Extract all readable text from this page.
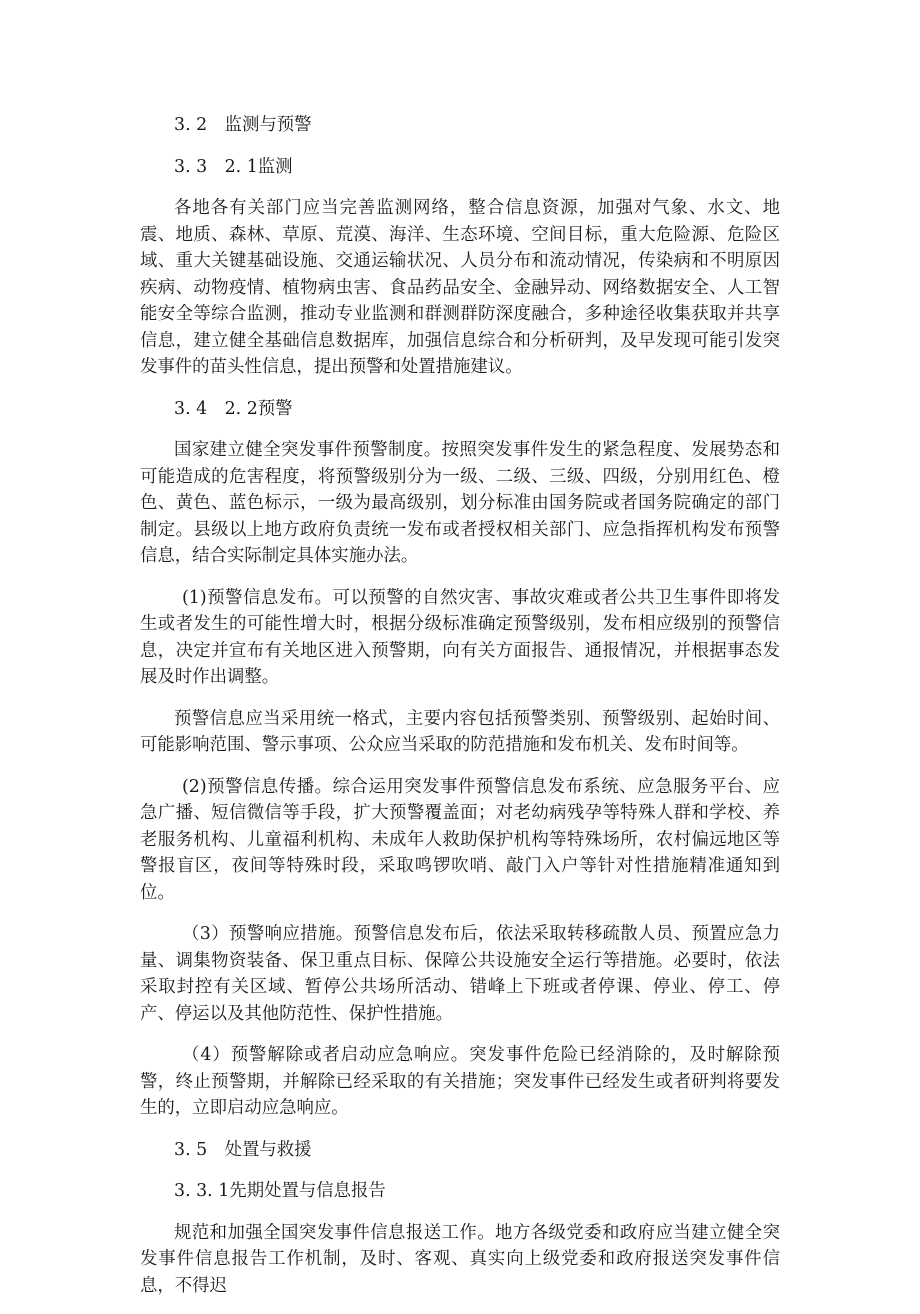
3. 2　监测与预警

3. 3　2. 1监测

各地各有关部门应当完善监测网络，整合信息资源，加强对气象、水文、地震、地质、森林、草原、荒漠、海洋、生态环境、空间目标，重大危险源、危险区域、重大关键基础设施、交通运输状况、人员分布和流动情况，传染病和不明原因疾病、动物疫情、植物病虫害、食品药品安全、金融异动、网络数据安全、人工智能安全等综合监测，推动专业监测和群测群防深度融合，多种途径收集获取并共享信息，建立健全基础信息数据库，加强信息综合和分析研判，及早发现可能引发突发事件的苗头性信息，提出预警和处置措施建议。

3. 4　2. 2预警

国家建立健全突发事件预警制度。按照突发事件发生的紧急程度、发展势态和可能造成的危害程度，将预警级别分为一级、二级、三级、四级，分别用红色、橙色、黄色、蓝色标示，一级为最高级别，划分标准由国务院或者国务院确定的部门制定。县级以上地方政府负责统一发布或者授权相关部门、应急指挥机构发布预警信息，结合实际制定具体实施办法。

(1)预警信息发布。可以预警的自然灾害、事故灾难或者公共卫生事件即将发生或者发生的可能性增大时，根据分级标准确定预警级别，发布相应级别的预警信息，决定并宣布有关地区进入预警期，向有关方面报告、通报情况，并根据事态发展及时作出调整。

预警信息应当采用统一格式，主要内容包括预警类别、预警级别、起始时间、可能影响范围、警示事项、公众应当采取的防范措施和发布机关、发布时间等。

(2)预警信息传播。综合运用突发事件预警信息发布系统、应急服务平台、应急广播、短信微信等手段，扩大预警覆盖面；对老幼病残孕等特殊人群和学校、养老服务机构、儿童福利机构、未成年人救助保护机构等特殊场所，农村偏远地区等警报盲区，夜间等特殊时段，采取鸣锣吹哨、敲门入户等针对性措施精准通知到位。

（3）预警响应措施。预警信息发布后，依法采取转移疏散人员、预置应急力量、调集物资装备、保卫重点目标、保障公共设施安全运行等措施。必要时，依法采取封控有关区域、暂停公共场所活动、错峰上下班或者停课、停业、停工、停产、停运以及其他防范性、保护性措施。

（4）预警解除或者启动应急响应。突发事件危险已经消除的，及时解除预警，终止预警期，并解除已经采取的有关措施；突发事件已经发生或者研判将要发生的，立即启动应急响应。

3. 5　处置与救援

3. 3. 1先期处置与信息报告

规范和加强全国突发事件信息报送工作。地方各级党委和政府应当建立健全突发事件信息报告工作机制，及时、客观、真实向上级党委和政府报送突发事件信息，不得迟
